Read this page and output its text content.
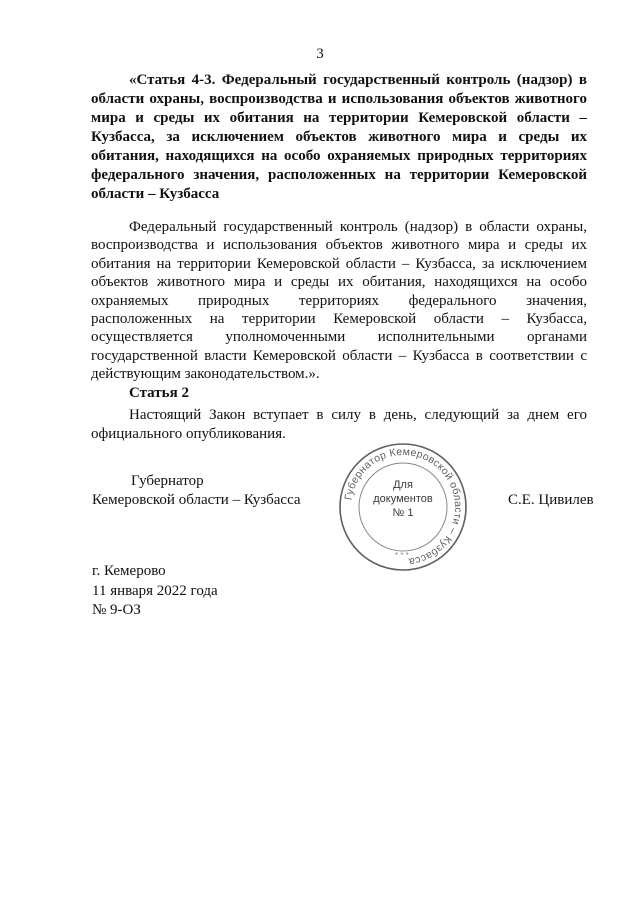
3
«Статья 4-3. Федеральный государственный контроль (надзор) в области охраны, воспроизводства и использования объектов животного мира и среды их обитания на территории Кемеровской области – Кузбасса, за исключением объектов животного мира и среды их обитания, находящихся на особо охраняемых природных территориях федерального значения, расположенных на территории Кемеровской области – Кузбасса
Федеральный государственный контроль (надзор) в области охраны, воспроизводства и использования объектов животного мира и среды их обитания на территории Кемеровской области – Кузбасса, за исключением объектов животного мира и среды их обитания, находящихся на особо охраняемых природных территориях федерального значения, расположенных на территории Кемеровской области – Кузбасса, осуществляется уполномоченными исполнительными органами государственной власти Кемеровской области – Кузбасса в соответствии с действующим законодательством.».
Статья 2
Настоящий Закон вступает в силу в день, следующий за днем его официального опубликования.
Губернатор
Кемеровской области – Кузбасса	С.Е. Цивилев
Губернатор Кемеровской области – Кузбасса
* * *
Для
документов
№ 1
г. Кемерово
11 января 2022 года
№ 9-ОЗ
